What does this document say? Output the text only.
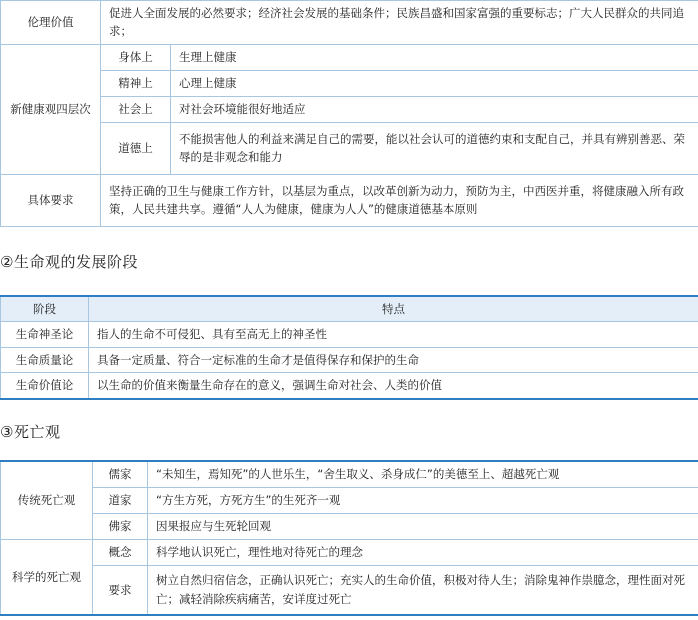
伦理价值	促进人全面发展的必然要求；经济社会发展的基础条件；民族昌盛和国家富强的重要标志；广大人民群众的共同追求；	
新健康观四层次	身体上	生理上健康
	精神上	心理上健康
	社会上	对社会环境能很好地适应
	道德上	不能损害他人的利益来满足自己的需要，能以社会认可的道德约束和支配自己，并具有辨别善恶、荣辱的是非观念和能力
具体要求	坚持正确的卫生与健康工作方针，以基层为重点，以改革创新为动力，预防为主，中西医并重，将健康融入所有政策，人民共建共享。遵循“人人为健康，健康为人人”的健康道德基本原则	
②生命观的发展阶段
阶段	特点
生命神圣论	指人的生命不可侵犯、具有至高无上的神圣性
生命质量论	具备一定质量、符合一定标准的生命才是值得保存和保护的生命
生命价值论	以生命的价值来衡量生命存在的意义，强调生命对社会、人类的价值
③死亡观
传统死亡观	儒家	“未知生，焉知死”的人世乐生，“舍生取义、杀身成仁”的美德至上、超越死亡观
	道家	“方生方死，方死方生”的生死齐一观
	佛家	因果报应与生死轮回观
科学的死亡观	概念	科学地认识死亡，理性地对待死亡的理念
	要求	树立自然归宿信念，正确认识死亡；充实人的生命价值，积极对待人生；消除鬼神作祟臆念，理性面对死亡；减轻消除疾病痛苦，安详度过死亡
